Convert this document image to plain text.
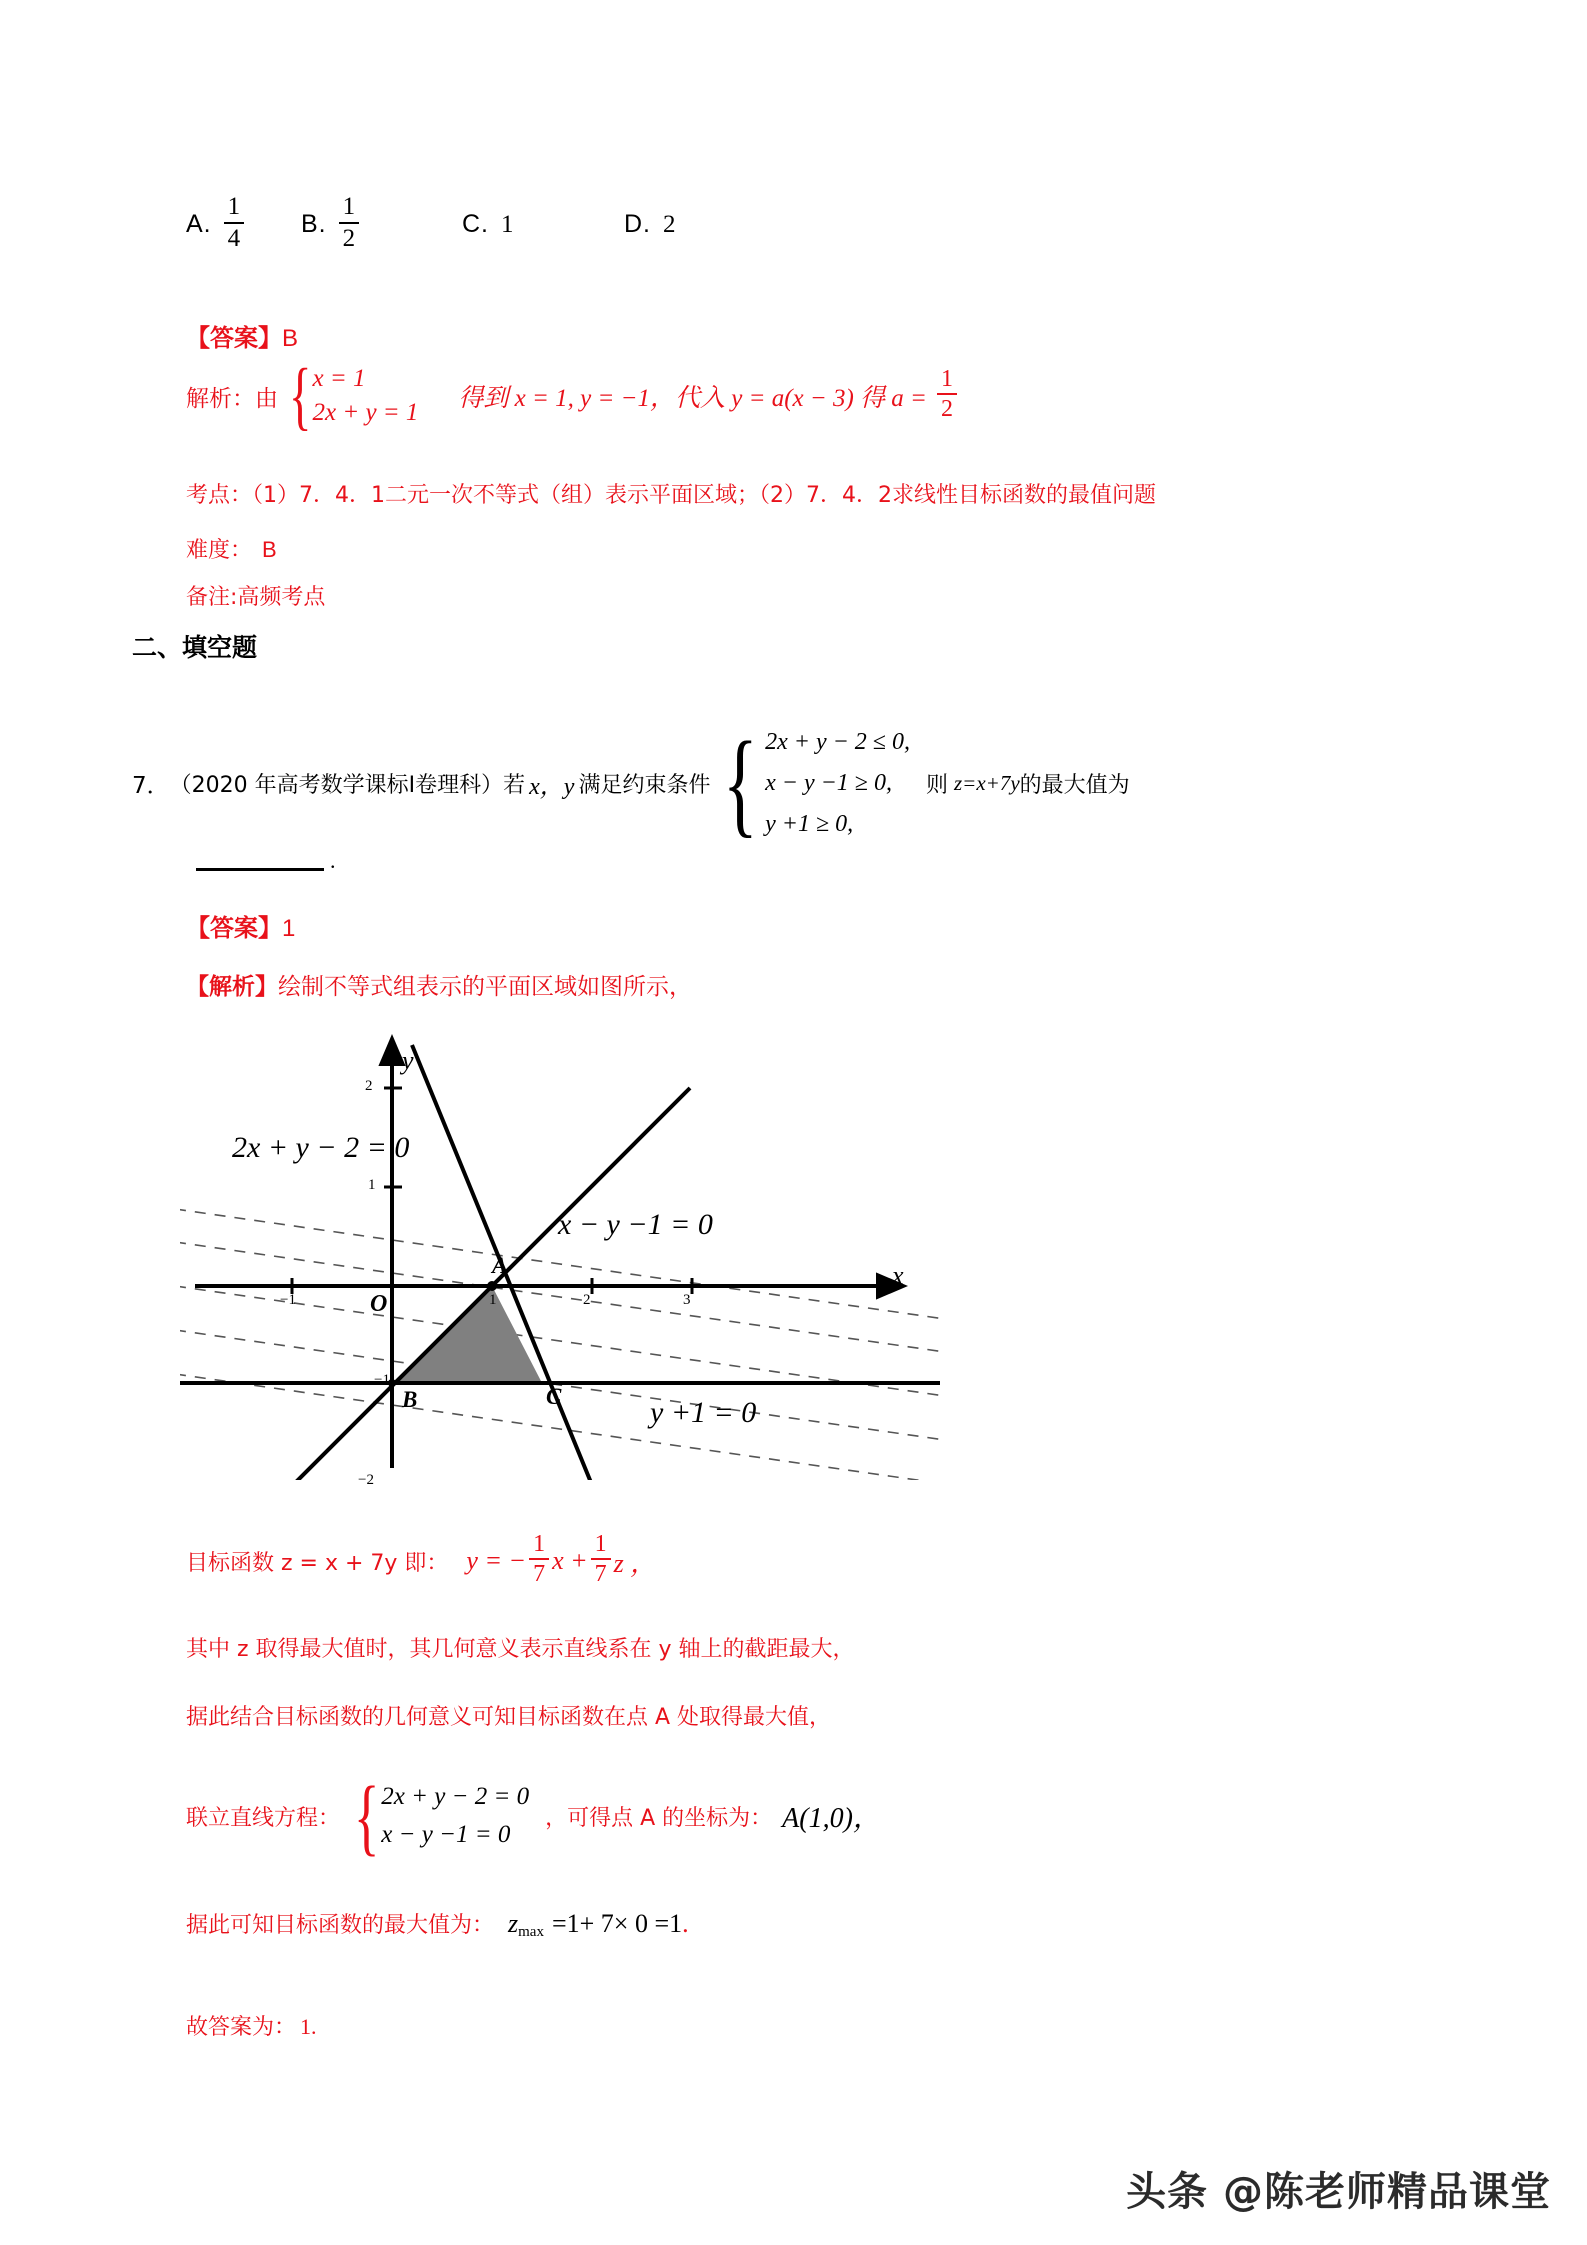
A. $\frac{1}{4} B$. $\frac{1}{2}$	C. 1	D. 2
【答案】B
解析：由 { x = 1
2x + y = 1
得到 x = 1, y = −1，代入 y = a(x − 3) 得 $a = \frac{1}{2}$
考点：（1）7．4．1二元一次不等式（组）表示平面区域；（2）7．4．2求线性目标函数的最值问题
难度： B
备注:高频考点
二、填空题
7． （2020 年高考数学课标Ⅰ卷理科）若 x，y 满足约束条件 { 2x + y − 2 ≤ 0,
x − y −1 ≥ 0,
y +1 ≥ 0,
则 z=x+7y 的最大值为
.
【答案】1
【解析】绘制不等式组表示的平面区域如图所示，
x
y
−1	1	2	3
2
1
−1
−2
O
2x + y − 2 = 0
x − y −1 = 0
y +1 = 0
A
B	C
目标函数 z = x + 7y 即： y = − $\frac{1}{7}$ $x + \frac{1}{7}$ z ，
其中 z 取得最大值时，其几何意义表示直线系在 y 轴上的截距最大，
据此结合目标函数的几何意义可知目标函数在点 A 处取得最大值，
联立直线方程： { 2x + y − 2 = 0
x − y −1 = 0
，可得点 A 的坐标为： A(1,0)，
据此可知目标函数的最大值为： z max =1+ 7× 0 =1 .
故答案为： 1.
头条 @陈老师精品课堂
